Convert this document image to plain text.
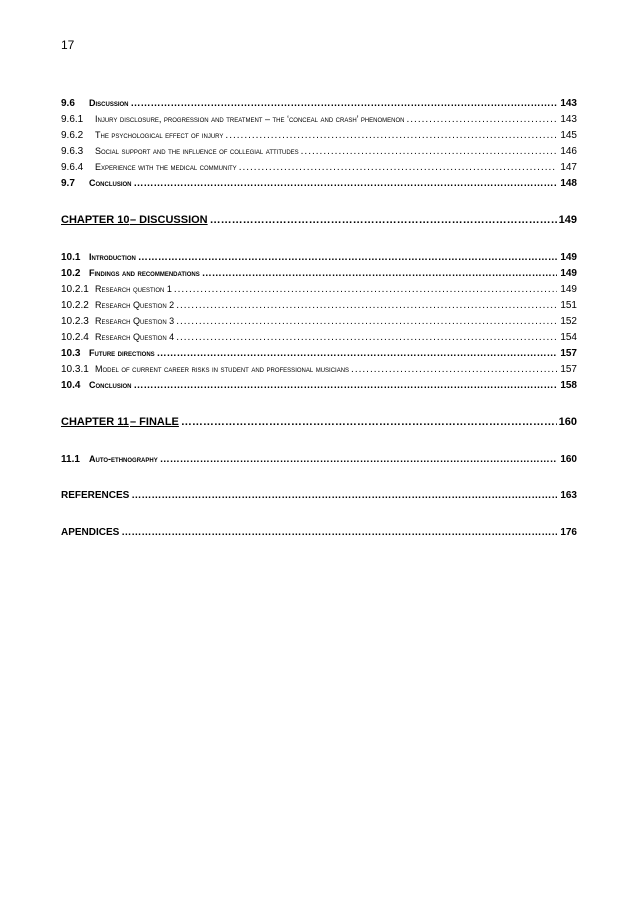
17
9.6	Discussion …………………………………………………………………………………………………………………………………………………………………………………	143
9.6.1	Injury disclosure, progression and treatment – the ‘conceal and crash’ phenomenon .....	143
9.6.2	The psychological effect of injury .....	145
9.6.3	Social support and the influence of collegial attitudes .....	146
9.6.4	Experience with the medical community .....	147
9.7	Conclusion …………………………………………………………………………………………………………………………………………………………………………………	148
CHAPTER 10 – DISCUSSION …………………………………………………………………………………………………………………………………………………………………………………	149
10.1 Introduction …………………………………………………………………………………………………………………………………………………………………………………	149
10.2 Findings and recommendations …………………………………………………………………………………………………………………………………………………………………………………	149
10.2.1 Research question 1 .....	149
10.2.2 Research Question 2 .....	151
10.2.3 Research Question 3 .....	152
10.2.4 Research Question 4 .....	154
10.3 Future directions …………………………………………………………………………………………………………………………………………………………………………………	157
10.3.1 Model of current career risks in student and professional musicians .....	157
10.4 Conclusion …………………………………………………………………………………………………………………………………………………………………………………	158
CHAPTER 11 – FINALE …………………………………………………………………………………………………………………………………………………………………………………	160
11.1	Auto-ethnography …………………………………………………………………………………………………………………………………………………………………………………	160
REFERENCES …………………………………………………………………………………………………………………………………………………………………………………	163
APENDICES …………………………………………………………………………………………………………………………………………………………………………………	176
